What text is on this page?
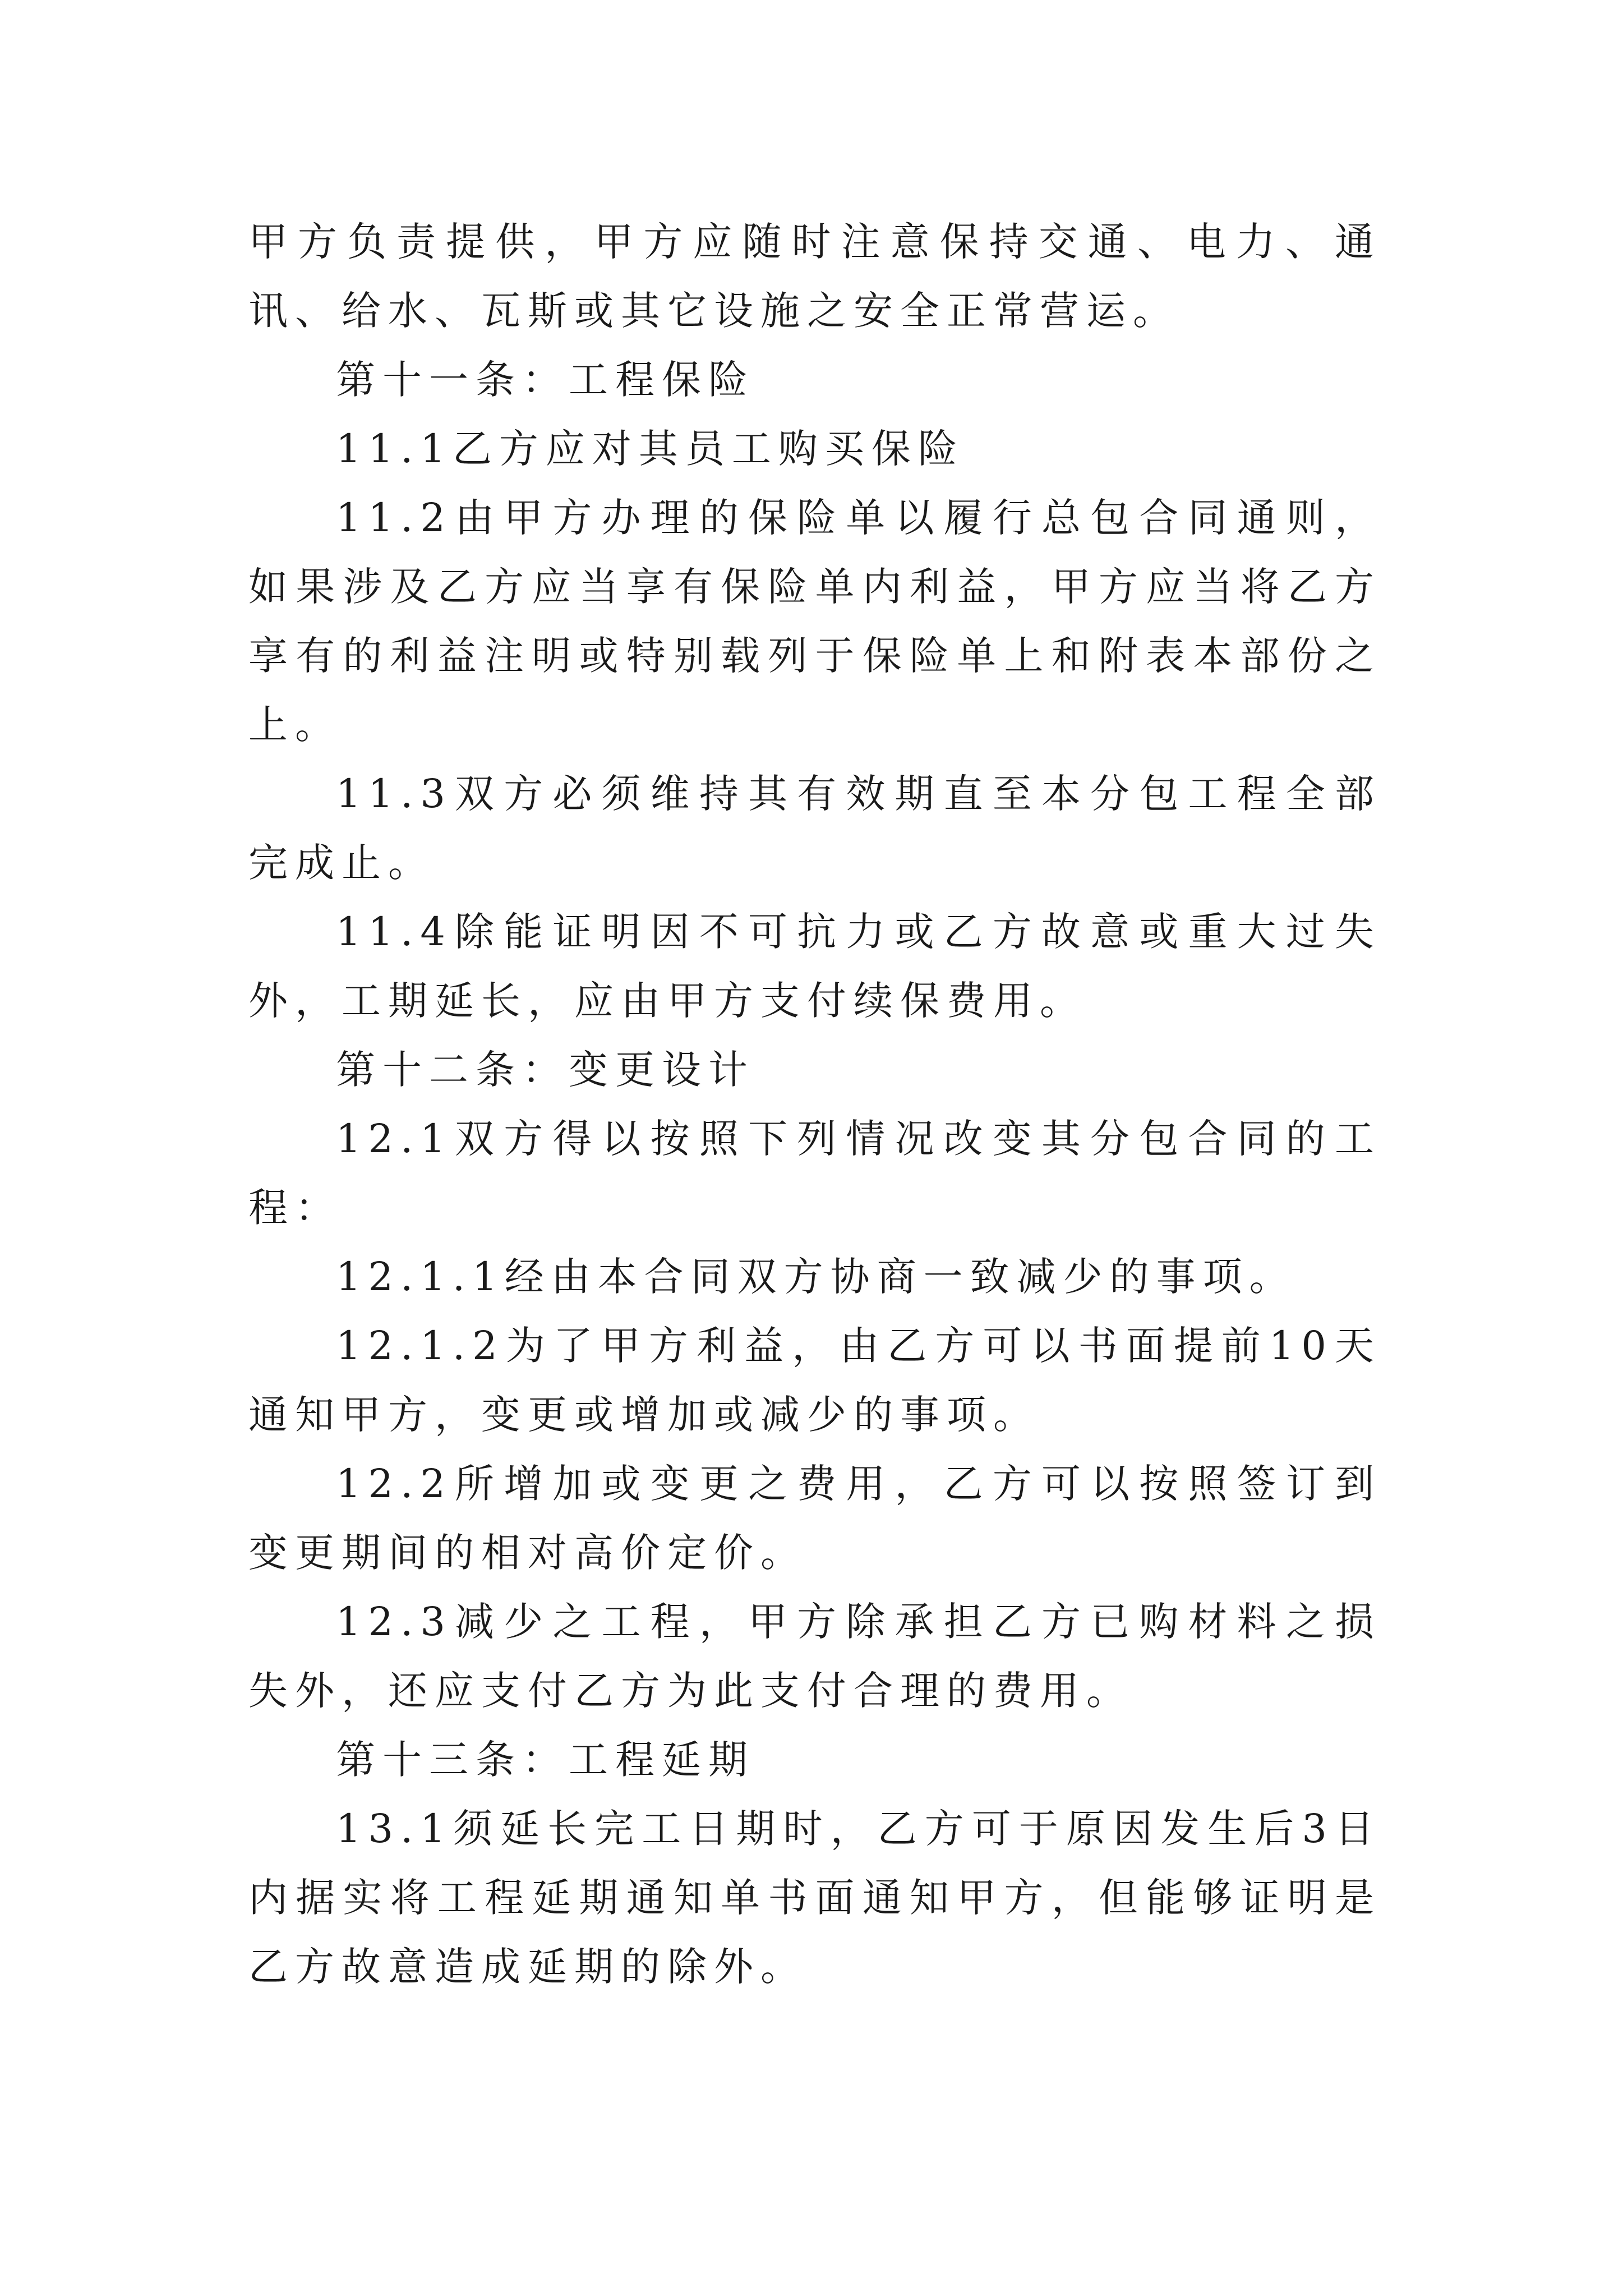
甲方负责提供，甲方应随时注意保持交通、电力、通讯、给水、瓦斯或其它设施之安全正常营运。

第十一条：工程保险

11.1乙方应对其员工购买保险

11.2由甲方办理的保险单以履行总包合同通则，如果涉及乙方应当享有保险单内利益，甲方应当将乙方享有的利益注明或特别载列于保险单上和附表本部份之上。

11.3双方必须维持其有效期直至本分包工程全部完成止。

11.4除能证明因不可抗力或乙方故意或重大过失外，工期延长，应由甲方支付续保费用。

第十二条：变更设计

12.1双方得以按照下列情况改变其分包合同的工程：

12.1.1经由本合同双方协商一致减少的事项。

12.1.2为了甲方利益，由乙方可以书面提前10天通知甲方，变更或增加或减少的事项。

12.2所增加或变更之费用，乙方可以按照签订到变更期间的相对高价定价。

12.3减少之工程，甲方除承担乙方已购材料之损失外，还应支付乙方为此支付合理的费用。

第十三条：工程延期

13.1须延长完工日期时，乙方可于原因发生后3日内据实将工程延期通知单书面通知甲方，但能够证明是乙方故意造成延期的除外。
